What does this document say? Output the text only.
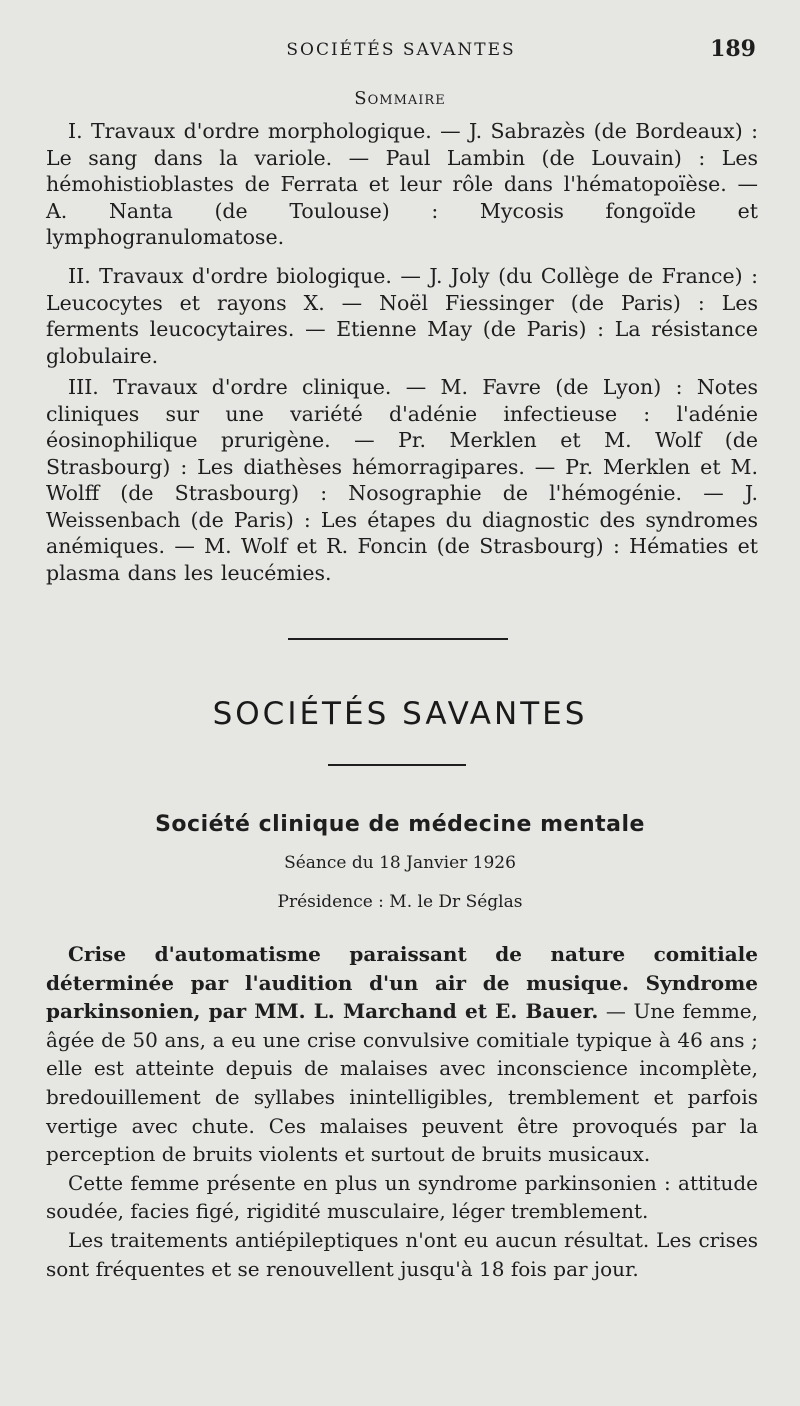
SOCIÉTÉS SAVANTES	189
Sommaire

I. Travaux d'ordre morphologique. — J. Sabrazès (de Bordeaux) : Le sang dans la variole. — Paul Lambin (de Louvain) : Les hémohistioblastes de Ferrata et leur rôle dans l'hématopoïèse. — A. Nanta (de Toulouse) : Mycosis fongoïde et lymphogranulomatose.

II. Travaux d'ordre biologique. — J. Joly (du Collège de France) : Leucocytes et rayons X. — Noël Fiessinger (de Paris) : Les ferments leucocytaires. — Etienne May (de Paris) : La résistance globulaire.

III. Travaux d'ordre clinique. — M. Favre (de Lyon) : Notes cliniques sur une variété d'adénie infectieuse : l'adénie éosinophilique prurigène. — Pr. Merklen et M. Wolf (de Strasbourg) : Les diathèses hémorragipares. — Pr. Merklen et M. Wolff (de Strasbourg) : Nosographie de l'hémogénie. — J. Weissenbach (de Paris) : Les étapes du diagnostic des syndromes anémiques. — M. Wolf et R. Foncin (de Strasbourg) : Hématies et plasma dans les leucémies.

SOCIÉTÉS SAVANTES
Société clinique de médecine mentale
Séance du 18 Janvier 1926
Présidence : M. le Dr Séglas

Crise d'automatisme paraissant de nature comitiale déterminée par l'audition d'un air de musique. Syndrome parkinsonien, par MM. L. Marchand et E. Bauer. — Une femme, âgée de 50 ans, a eu une crise convulsive comitiale typique à 46 ans ; elle est atteinte depuis de malaises avec inconscience incomplète, bredouillement de syllabes inintelligibles, tremblement et parfois vertige avec chute. Ces malaises peuvent être provoqués par la perception de bruits violents et surtout de bruits musicaux.

Cette femme présente en plus un syndrome parkinsonien : attitude soudée, facies figé, rigidité musculaire, léger tremblement.

Les traitements antiépileptiques n'ont eu aucun résultat. Les crises sont fréquentes et se renouvellent jusqu'à 18 fois par jour.
